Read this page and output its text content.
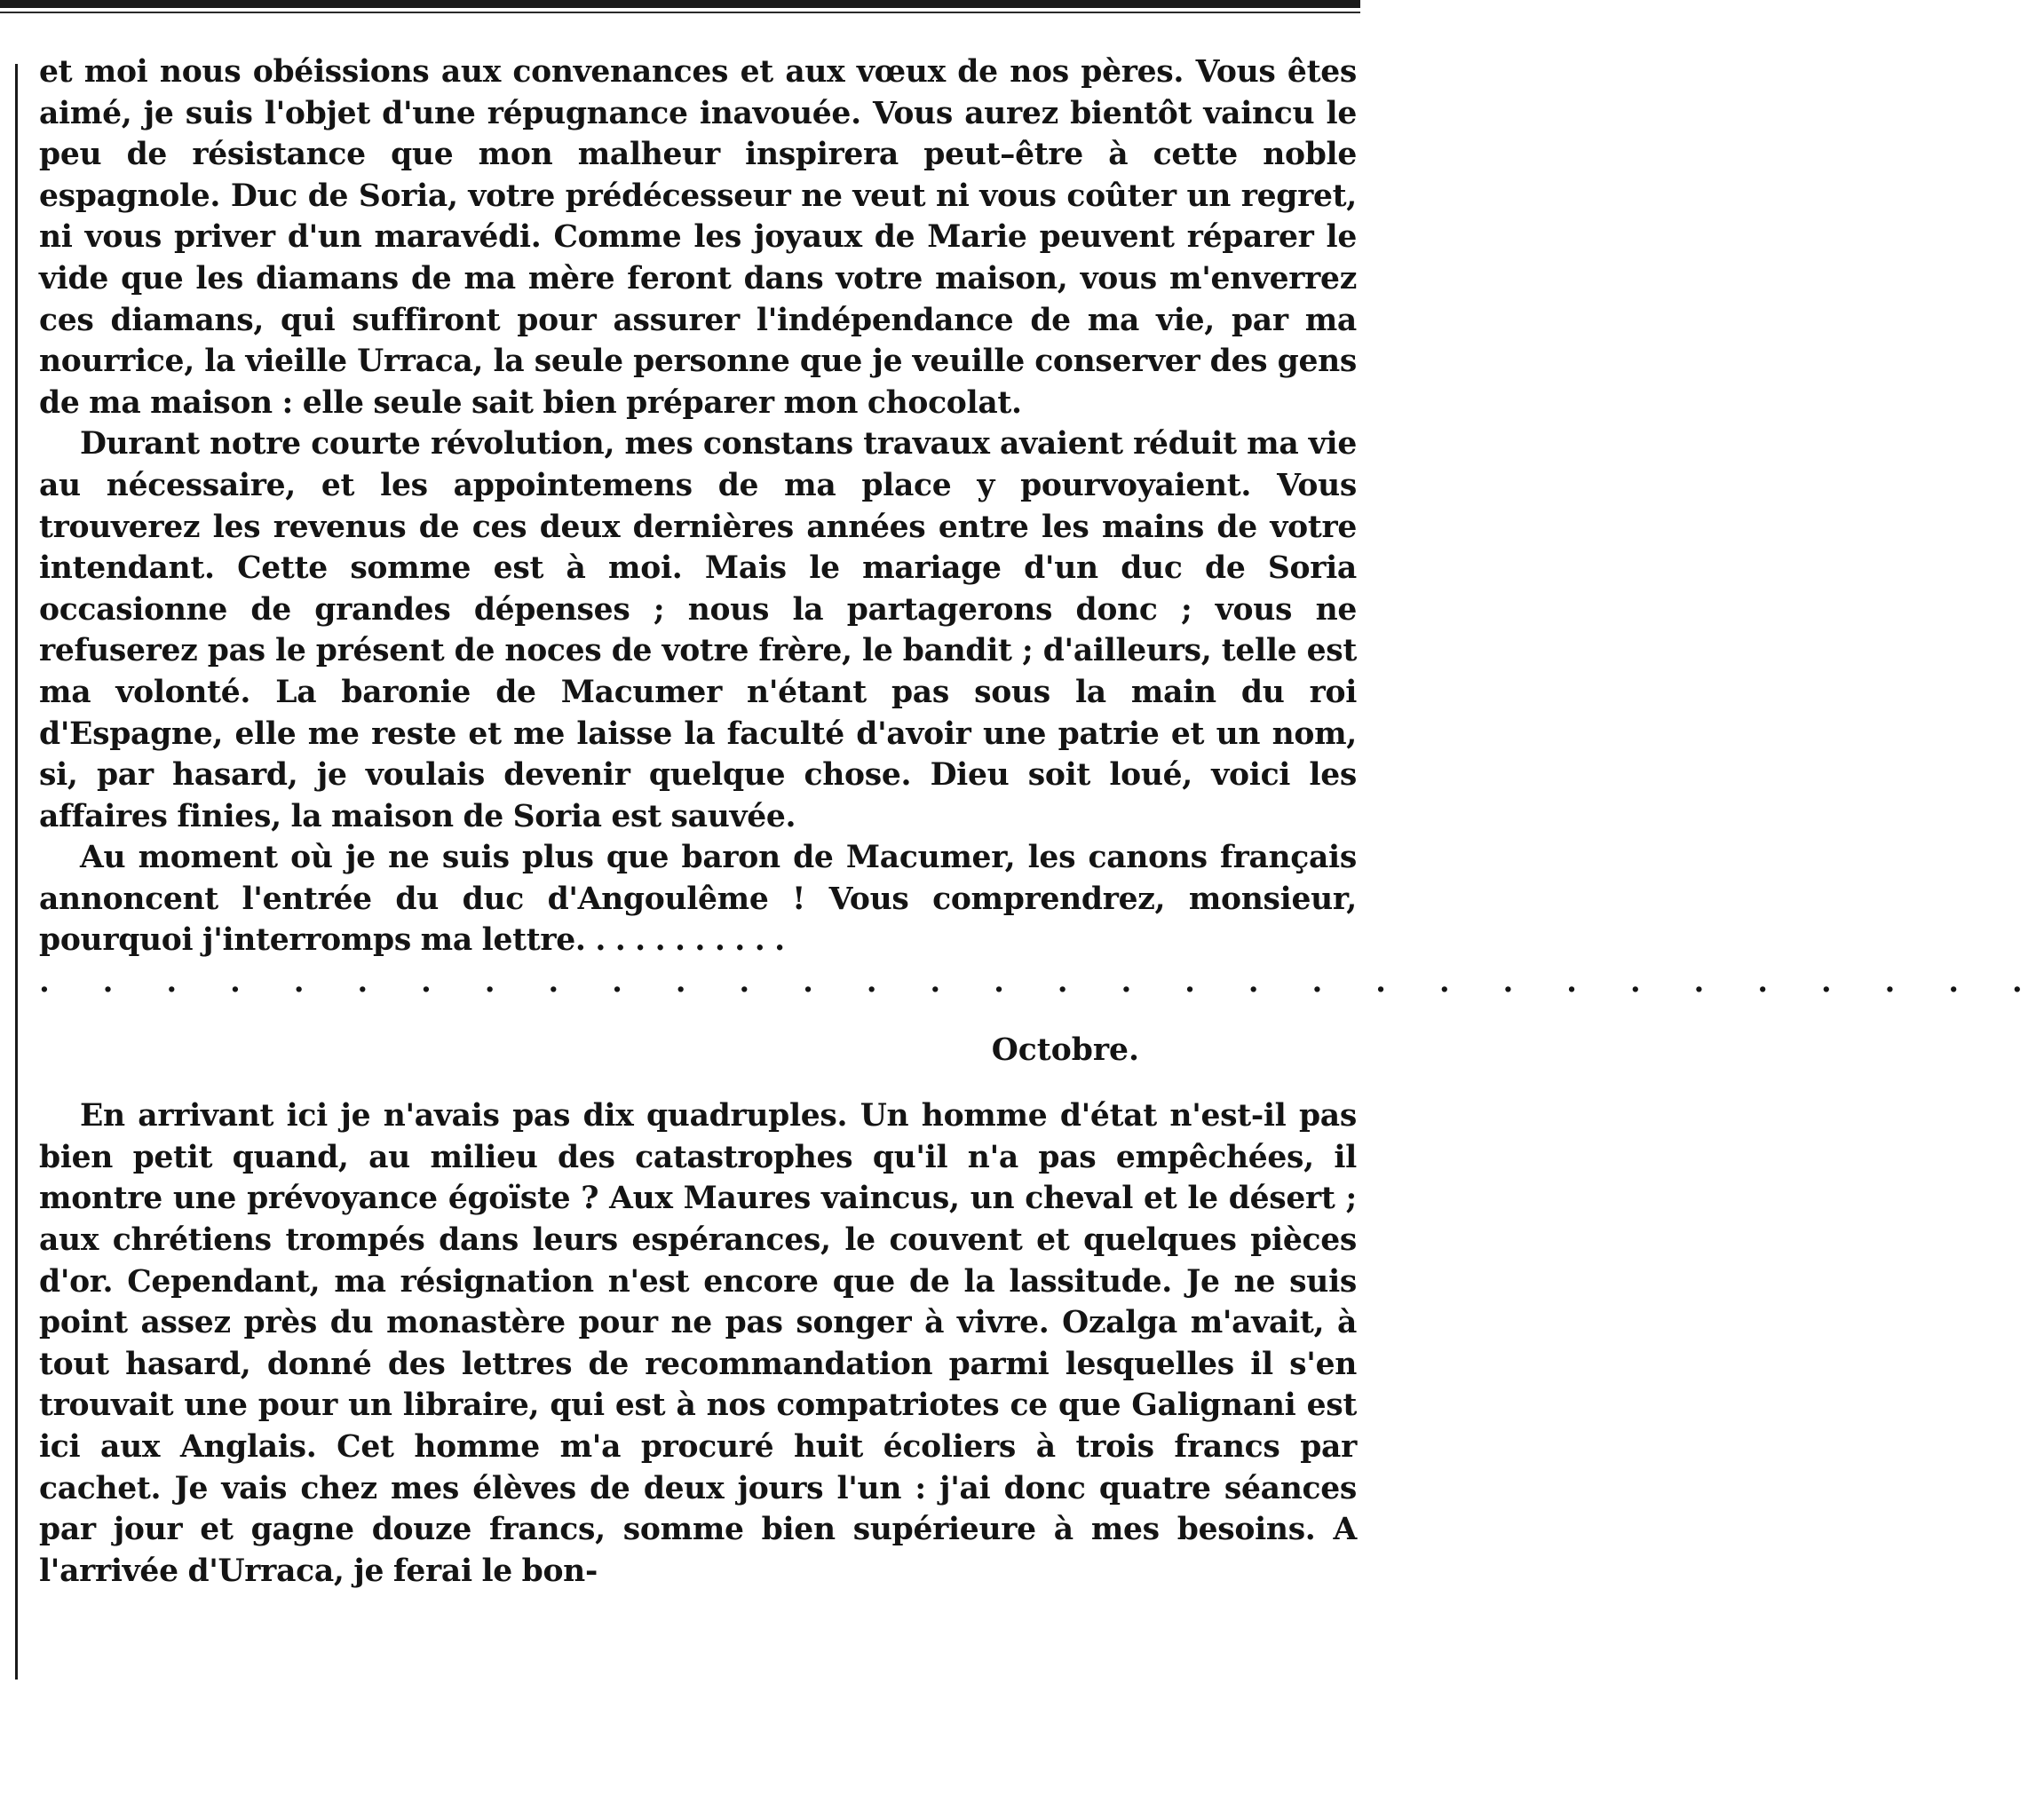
et moi nous obéissions aux convenances et aux vœux de nos pères. Vous êtes aimé, je suis l'objet d'une répugnance inavouée. Vous aurez bientôt vaincu le peu de résistance que mon malheur inspirera peut–être à cette noble espagnole. Duc de Soria, votre prédécesseur ne veut ni vous coûter un regret, ni vous priver d'un maravédi. Comme les joyaux de Marie peuvent réparer le vide que les diamans de ma mère feront dans votre maison, vous m'enverrez ces diamans, qui suffiront pour assurer l'indépendance de ma vie, par ma nourrice, la vieille Urraca, la seule personne que je veuille conserver des gens de ma maison : elle seule sait bien préparer mon chocolat.

Durant notre courte révolution, mes constans travaux avaient réduit ma vie au nécessaire, et les appointemens de ma place y pourvoyaient. Vous trouverez les revenus de ces deux dernières années entre les mains de votre intendant. Cette somme est à moi. Mais le mariage d'un duc de Soria occasionne de grandes dépenses ; nous la partagerons donc ; vous ne refuserez pas le présent de noces de votre frère, le bandit ; d'ailleurs, telle est ma volonté. La baronie de Macumer n'étant pas sous la main du roi d'Espagne, elle me reste et me laisse la faculté d'avoir une patrie et un nom, si, par hasard, je voulais devenir quelque chose. Dieu soit loué, voici les affaires finies, la maison de Soria est sauvée.

Au moment où je ne suis plus que baron de Macumer, les canons français annoncent l'entrée du duc d'Angoulême ! Vous comprendrez, monsieur, pourquoi j'interromps ma lettre. . . . . . . . . . .

. . . . . . . . . . . . . . . . . . . . . . . . . . . . . . . .

Octobre.

En arrivant ici je n'avais pas dix quadruples. Un homme d'état n'est-il pas bien petit quand, au milieu des catastrophes qu'il n'a pas empêchées, il montre une prévoyance égoïste ? Aux Maures vaincus, un cheval et le désert ; aux chrétiens trompés dans leurs espérances, le couvent et quelques pièces d'or. Cependant, ma résignation n'est encore que de la lassitude. Je ne suis point assez près du monastère pour ne pas songer à vivre. Ozalga m'avait, à tout hasard, donné des lettres de recommandation parmi lesquelles il s'en trouvait une pour un libraire, qui est à nos compatriotes ce que Galignani est ici aux Anglais. Cet homme m'a procuré huit écoliers à trois francs par cachet. Je vais chez mes élèves de deux jours l'un : j'ai donc quatre séances par jour et gagne douze francs, somme bien supérieure à mes besoins. A l'arrivée d'Urraca, je ferai le bon-
